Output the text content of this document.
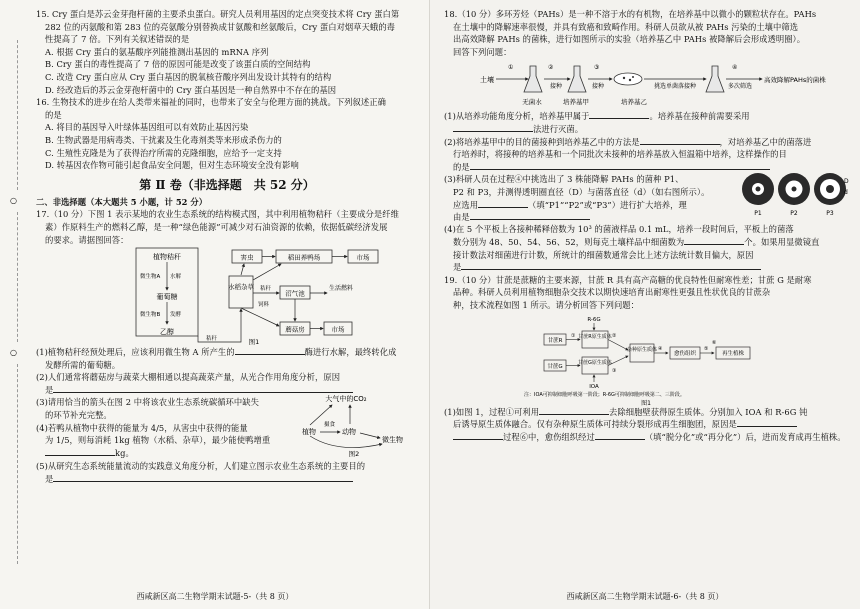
○
○

15. Cry 蛋白是苏云金芽孢杆菌的主要杀虫蛋白。研究人员利用基因的定点突变技术将 Cry 蛋白第

282 位的丙氨酸和第 283 位的亮氨酸分别替换成甘氨酸和丝氨酸后，Cry 蛋白对烟草天蛾的毒

性提高了 7 倍。下列有关叙述错误的是

A. 根据 Cry 蛋白的氨基酸序列能推测出基因的 mRNA 序列

B. Cry 蛋白的毒性提高了 7 倍的原因可能是改变了该蛋白质的空间结构

C. 改造 Cry 蛋白应从 Cry 蛋白基因的脱氧核苷酸序列出发设计其特有的结构

D. 经改造后的苏云金芽孢杆菌中的 Cry 蛋白基因是一种自然界中不存在的基因

16. 生物技术的进步在给人类带来福祉的同时，也带来了安全与伦理方面的挑战。下列叙述正确

的是

A. 将目的基因导入叶绿体基因组可以有效防止基因污染

B. 生物武器是用病毒类、干扰素及生化毒剂类等来形成杀伤力的

C. 生殖性克隆是为了获得治疗所需的克隆细胞，应给予一定支持

D. 转基因农作物可能引起食品安全问题，但对生态环境安全没有影响

第 Ⅱ 卷（非选择题　共 52 分）

二、非选择题（本大题共 5 小题，计 52 分）

17.（10 分）下图 1 表示某地的农业生态系统的结构模式图，其中利用植物秸秆（主要成分是纤维

素）作原料生产的燃料乙醇，是一种“绿色能源”可减少对石油资源的依赖，依据低碳经济发展

的要求。请据图回答：

植物秸秆
微生物A 水解
葡萄糖
微生物B 发酵
乙醇
害虫	稻田养鸭场	市场
水稻杂草 秸秆
沼气池
生活燃料
蘑菇房	市场
饲料
秸秆	图1

(1)植物秸秆经预处理后，应该利用微生物 A 所产生的	酶进行水解，最终转化成

发酵所需的葡萄糖。

(2)人们通常将蘑菇房与蔬菜大棚相通以提高蔬菜产量，从光合作用角度分析，原因

是

(3)请用恰当的箭头在图 2 中将该农业生态系统碳循环中缺失

的环节补充完整。

(4)若鸭从植物中获得的能量为 4/5，从害虫中获得的能量

为 1/5，则每消耗 1kg 植物（水稻、杂草），最少能使鸭增重

kg。

大气中的CO₂
植物	动物
微生物
摄食
图2

(5)从研究生态系统能量流动的实践意义角度分析，人们建立图示农业生态系统的主要目的

是

西咸新区高二生物学期末试题-5-（共 8 页）

18.（10 分）多环芳烃（PAHs）是一种不溶于水的有机物，在培养基中以微小的颗粒状存在。PAHs

在土壤中的降解速率很慢，并具有致癌和致畸作用。科研人员欲从被 PAHs 污染的土壤中筛选

出高效降解 PAHs 的菌株，进行如图所示的实验（培养基乙中 PAHs 被降解后会形成透明圈）。

回答下列问题：

土壤
①
无菌水
②
接种
培养基甲
③
接种
培养基乙
挑选单菌落接种
④
多次筛选
高效降解PAHs的菌株

(1)从培养功能角度分析，培养基甲属于	。培养基在接种前需要采用

法进行灭菌。

(2)将培养基甲中的目的菌接种到培养基乙中的方法是	，对培养基乙中的菌落进

行培养时，将接种的培养基和一个同批次未接种的培养基放入恒温箱中培养，这样操作的目

的是

(3)科研人员在过程④中挑选出了 3 株能降解 PAHs 的菌种 P1、

P2 和 P3，并测得透明圈直径（D）与菌落直径（d）（如右图所示）。

应选用	（填“P1”“P2”或“P3”）进行扩大培养，理

由是	P1	P2	P3
D
d

(4)在 5 个平板上各接种稀释倍数为 10³ 的菌液样品 0.1 mL，培养一段时间后，平板上的菌落

数分别为 48、50、54、56、52，则每克土壤样品中细菌数为	个。如果用显微镜直

接计数法对细菌进行计数，所统计的细菌数通常会比上述方法统计数目偏大，原因

是

19.（10 分）甘蔗是蔗糖的主要来源，甘蔗 R 具有高产高糖的优良特性但耐寒性差；甘蔗 G 是耐寒

品种。科研人员利用植物细胞杂交技术以期快速培育出耐寒性更强且性状优良的甘蔗杂

种，技术流程如图 1 所示。请分析回答下列问题：

R-6G
甘蔗R
甘蔗G
① 甘蔗R原生质体
甘蔗G原生质体
IOA
②
③
杂种原生质体 ④
愈伤组织
⑤
再生植株
⑥
注：IOA可抑制细胞呼吸第一阶段；R-6G可抑制细胞呼吸第二、三阶段。
图1

(1)如图 1，过程①可利用	去除细胞壁获得原生质体。分别加入 IOA 和 R-6G 钝

后诱导原生质体融合。仅有杂种原生质体可持续分裂形成再生细胞团，原因是

过程⑥中，愈伤组织经过	（填“脱分化”或“再分化”）后，进而发育成再生植株。

西咸新区高二生物学期末试题-6-（共 8 页）
